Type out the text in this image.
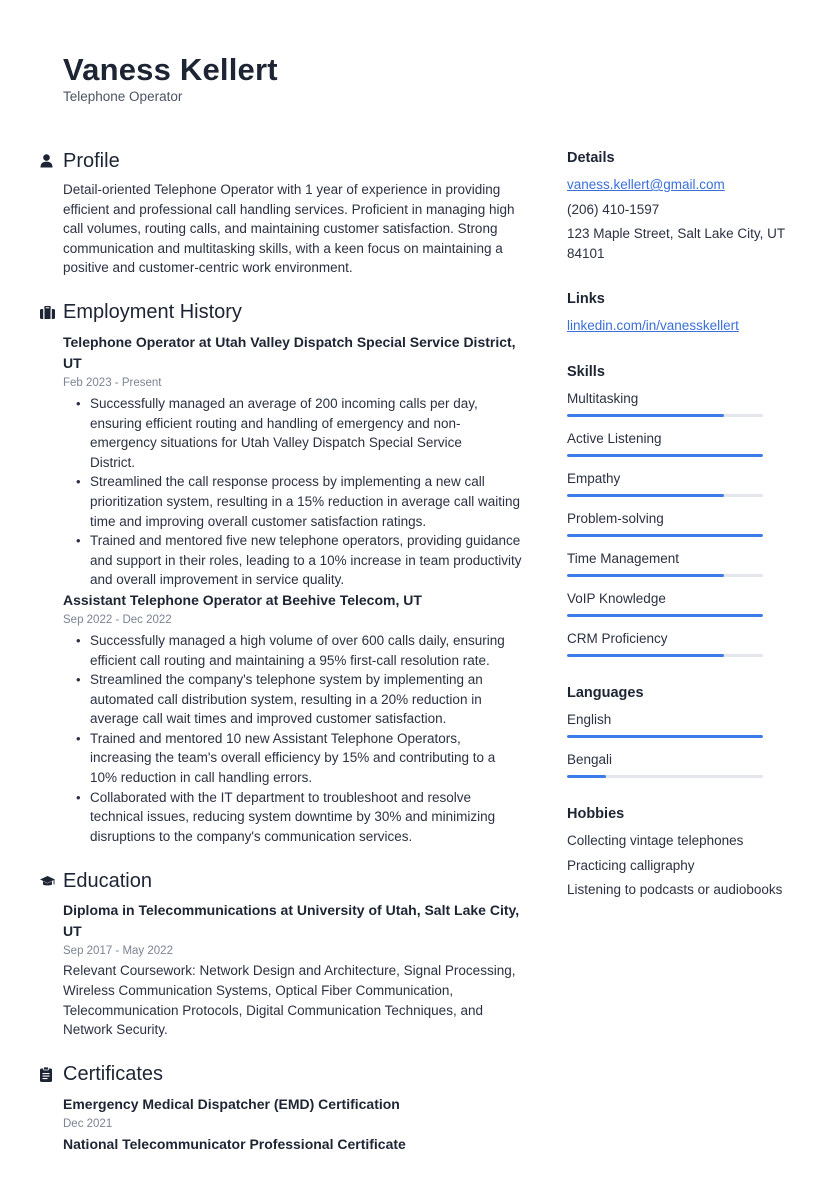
Vaness Kellert
Telephone Operator
Profile

Detail-oriented Telephone Operator with 1 year of experience in providing efficient and professional call handling services. Proficient in managing high call volumes, routing calls, and maintaining customer satisfaction. Strong communication and multitasking skills, with a keen focus on maintaining a positive and customer-centric work environment.

Employment History
Telephone Operator at Utah Valley Dispatch Special Service District, UT
Feb 2023 - Present
• Successfully managed an average of 200 incoming calls per day, ensuring efficient routing and handling of emergency and non-emergency situations for Utah Valley Dispatch Special Service District.
• Streamlined the call response process by implementing a new call prioritization system, resulting in a 15% reduction in average call waiting time and improving overall customer satisfaction ratings.
• Trained and mentored five new telephone operators, providing guidance and support in their roles, leading to a 10% increase in team productivity and overall improvement in service quality.
Assistant Telephone Operator at Beehive Telecom, UT
Sep 2022 - Dec 2022
• Successfully managed a high volume of over 600 calls daily, ensuring efficient call routing and maintaining a 95% first-call resolution rate.
• Streamlined the company's telephone system by implementing an automated call distribution system, resulting in a 20% reduction in average call wait times and improved customer satisfaction.
• Trained and mentored 10 new Assistant Telephone Operators, increasing the team's overall efficiency by 15% and contributing to a 10% reduction in call handling errors.
• Collaborated with the IT department to troubleshoot and resolve technical issues, reducing system downtime by 30% and minimizing disruptions to the company's communication services.
Education
Diploma in Telecommunications at University of Utah, Salt Lake City, UT
Sep 2017 - May 2022

Relevant Coursework: Network Design and Architecture, Signal Processing, Wireless Communication Systems, Optical Fiber Communication, Telecommunication Protocols, Digital Communication Techniques, and Network Security.

Certificates
Emergency Medical Dispatcher (EMD) Certification
Dec 2021
National Telecommunicator Professional Certificate
Details
vaness.kellert@gmail.com
(206) 410-1597
123 Maple Street, Salt Lake City, UT 84101
Links
linkedin.com/in/vanesskellert
Skills
Multitasking
Active Listening
Empathy
Problem-solving
Time Management
VoIP Knowledge
CRM Proficiency
Languages
English
Bengali
Hobbies
Collecting vintage telephones
Practicing calligraphy
Listening to podcasts or audiobooks
